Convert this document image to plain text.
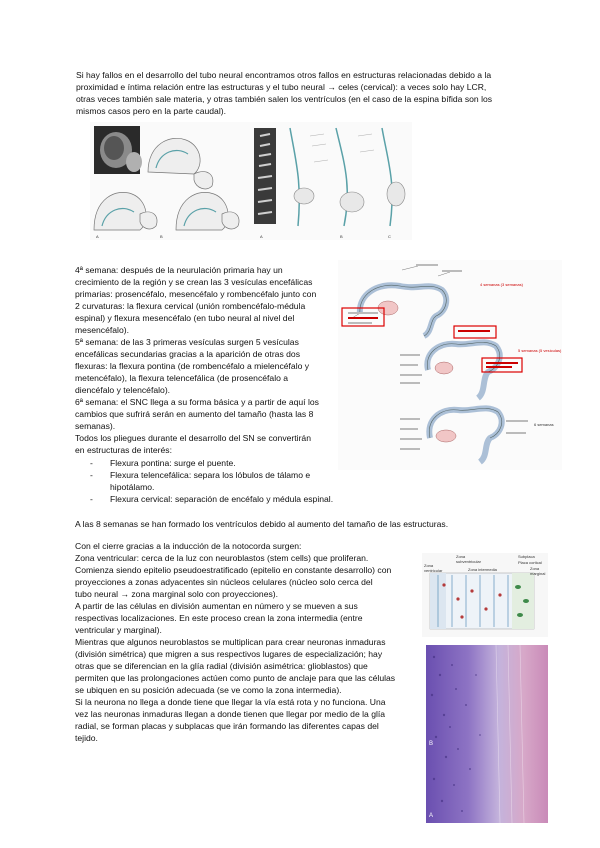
Si hay fallos en el desarrollo del tubo neural encontramos otros fallos en estructuras relacionadas debido a la
proximidad e íntima relación entre las estructuras y el tubo neural → celes (cervical): a veces solo hay LCR,
otras veces también sale materia, y otras también salen los ventrículos (en el caso de la espina bífida son los
mismos casos pero en la parte caudal).
A	B	A	B	C
4ª semana: después de la neurulación primaria hay un
crecimiento de la región y se crean las 3 vesículas encefálicas
primarias: prosencéfalo, mesencéfalo y rombencéfalo junto con
2 curvaturas: la flexura cervical (unión rombencéfalo-médula
espinal) y flexura mesencéfalo (en tubo neural al nivel del
mesencéfalo).
5ª semana: de las 3 primeras vesículas surgen 5 vesículas
encefálicas secundarias gracias a la aparición de otras dos
flexuras: la flexura pontina (de rombencéfalo a mielencéfalo y
metencéfalo), la flexura telencefálica (de prosencéfalo a
diencéfalo y telencéfalo).
6ª semana: el SNC llega a su forma básica y a partir de aquí los
cambios que sufrirá serán en aumento del tamaño (hasta las 8
semanas).
Todos los pliegues durante el desarrollo del SN se convertirán
en estructuras de interés:
- Flexura pontina: surge el puente.
- Flexura telencefálica: separa los lóbulos de tálamo e
hipotálamo.
- Flexura cervical: separación de encéfalo y médula espinal.
4 semanas (3 semanas)
5 semanas (5 vesículas)
6 semanas
A las 8 semanas se han formado los ventrículos debido al aumento del tamaño de las estructuras.
Con el cierre gracias a la inducción de la notocorda surgen:
Zona ventricular: cerca de la luz con neuroblastos (stem cells) que proliferan.
Comienza siendo epitelio pseudoestratificado (epitelio en constante desarrollo) con
proyecciones a zonas adyacentes sin núcleos celulares (núcleo solo cerca del
tubo neural → zona marginal solo con proyecciones).
A partir de las células en división aumentan en número y se mueven a sus
respectivas localizaciones. En este proceso crean la zona intermedia (entre
ventricular y marginal).
Mientras que algunos neuroblastos se multiplican para crear neuronas inmaduras
(división simétrica) que migren a sus respectivos lugares de especialización; hay
otras que se diferencian en la glía radial (división asimétrica: glioblastos) que
permiten que las prolongaciones actúen como punto de anclaje para que las células
se ubiquen en su posición adecuada (se ve como la zona intermedia).
Si la neurona no llega a donde tiene que llegar la vía está rota y no funciona. Una
vez las neuronas inmaduras llegan a donde tienen que llegar por medio de la glía
radial, se forman placas y subplacas que irán formando las diferentes capas del
tejido.
Zona
subventricular
Zona
ventricular	Zona intermedia
Subplaca
Placa cortical
Zona
marginal
A
B
